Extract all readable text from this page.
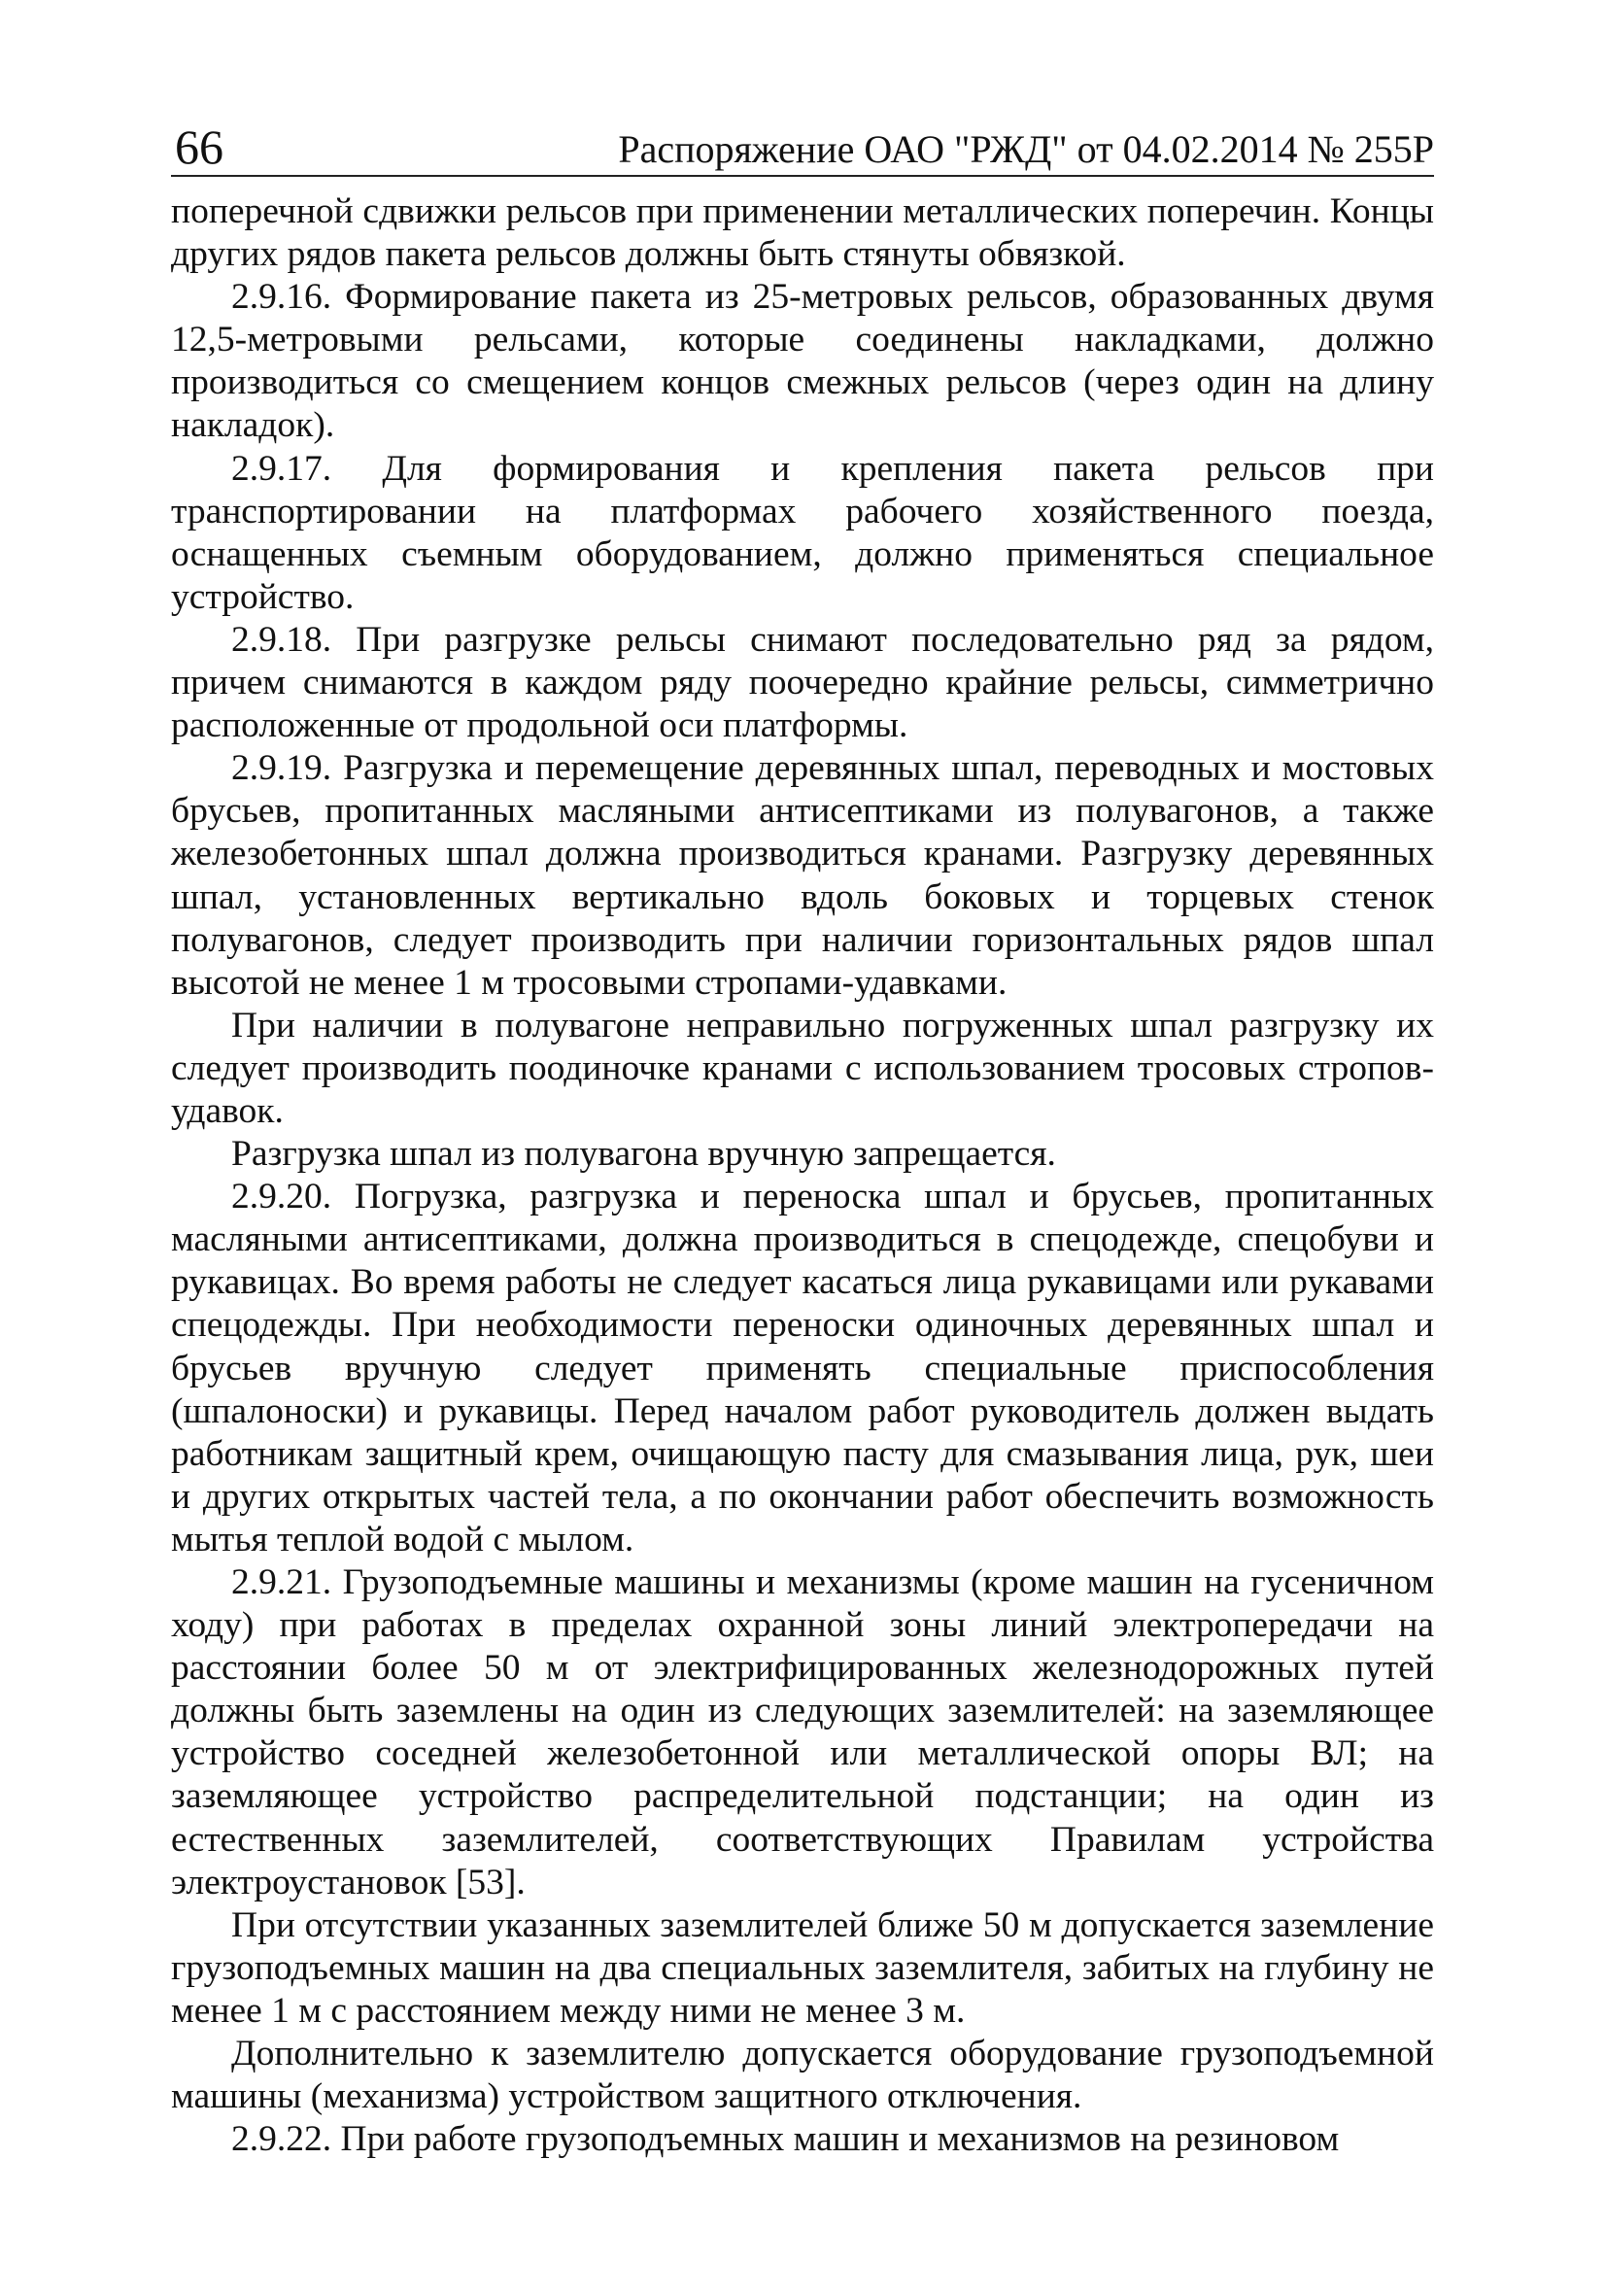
66	Распоряжение ОАО "РЖД" от 04.02.2014 № 255Р

поперечной сдвижки рельсов при применении металлических поперечин. Концы других рядов пакета рельсов должны быть стянуты обвязкой.

2.9.16. Формирование пакета из 25-метровых рельсов, образованных двумя 12,5-метровыми рельсами, которые соединены накладками, должно производиться со смещением концов смежных рельсов (через один на длину накладок).

2.9.17. Для формирования и крепления пакета рельсов при транспортировании на платформах рабочего хозяйственного поезда, оснащенных съемным оборудованием, должно применяться специальное устройство.

2.9.18. При разгрузке рельсы снимают последовательно ряд за рядом, причем снимаются в каждом ряду поочередно крайние рельсы, симметрично расположенные от продольной оси платформы.

2.9.19. Разгрузка и перемещение деревянных шпал, переводных и мостовых брусьев, пропитанных масляными антисептиками из полувагонов, а также железобетонных шпал должна производиться кранами. Разгрузку деревянных шпал, установленных вертикально вдоль боковых и торцевых стенок полувагонов, следует производить при наличии горизонтальных рядов шпал высотой не менее 1 м тросовыми стропами-удавками.

При наличии в полувагоне неправильно погруженных шпал разгрузку их следует производить поодиночке кранами с использованием тросовых стропов-удавок.

Разгрузка шпал из полувагона вручную запрещается.

2.9.20. Погрузка, разгрузка и переноска шпал и брусьев, пропитанных масляными антисептиками, должна производиться в спецодежде, спецобуви и рукавицах. Во время работы не следует касаться лица рукавицами или рукавами спецодежды. При необходимости переноски одиночных деревянных шпал и брусьев вручную следует применять специальные приспособления (шпалоноски) и рукавицы. Перед началом работ руководитель должен выдать работникам защитный крем, очищающую пасту для смазывания лица, рук, шеи и других открытых частей тела, а по окончании работ обеспечить возможность мытья теплой водой с мылом.

2.9.21. Грузоподъемные машины и механизмы (кроме машин на гусеничном ходу) при работах в пределах охранной зоны линий электропередачи на расстоянии более 50 м от электрифицированных железнодорожных путей должны быть заземлены на один из следующих заземлителей: на заземляющее устройство соседней железобетонной или металлической опоры ВЛ; на заземляющее устройство распределительной подстанции; на один из естественных заземлителей, соответствующих Правилам устройства электроустановок [53].

При отсутствии указанных заземлителей ближе 50 м допускается заземление грузоподъемных машин на два специальных заземлителя, забитых на глубину не менее 1 м с расстоянием между ними не менее 3 м.

Дополнительно к заземлителю допускается оборудование грузоподъемной машины (механизма) устройством защитного отключения.

2.9.22. При работе грузоподъемных машин и механизмов на резиновом
